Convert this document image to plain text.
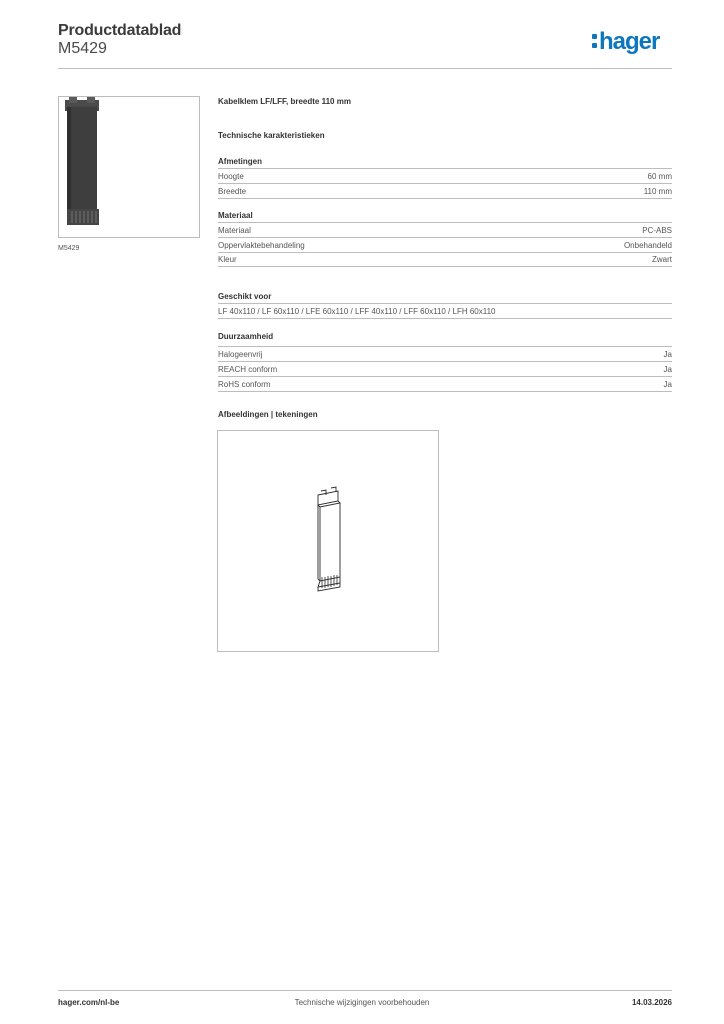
Productdatablad
M5429	hager
M5429
Kabelklem LF/LFF, breedte 110 mm
Technische karakteristieken
Afmetingen
Hoogte	60 mm
Breedte	110 mm
Materiaal
Materiaal	PC-ABS
Oppervlaktebehandeling	Onbehandeld
Kleur	Zwart
Geschikt voor
LF 40x110 / LF 60x110 / LFE 60x110 / LFF 40x110 / LFF 60x110 / LFH 60x110
Duurzaamheid
Halogeenvrij	Ja
REACH conform	Ja
RoHS conform	Ja
Afbeeldingen | tekeningen
hager.com/nl-be	Technische wijzigingen voorbehouden	14.03.2026
